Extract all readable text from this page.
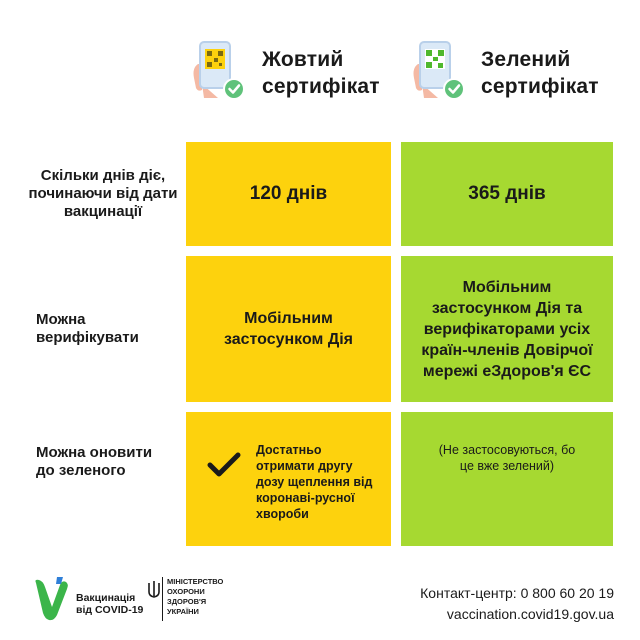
Жовтий сертифікат
Зелений сертифікат
Скільки днів діє, починаючи від дати вакцинації
120 днів	365 днів
Можна верифікувати
Мобільним застосунком Дія
Мобільним застосунком Дія та верифікаторами усіх країн-членів Довірчої мережі еЗдоров'я ЄС
Можна оновити до зеленого
Достатньо отримати другу дозу щеплення від коронаві-русної хвороби
(Не застосовуються, бо це вже зелений)
Вакцинація
від COVID-19
МІНІСТЕРСТВО
ОХОРОНИ
ЗДОРОВ'Я
УКРАЇНИ
Контакт-центр: 0 800 60 20 19
vaccination.covid19.gov.ua
